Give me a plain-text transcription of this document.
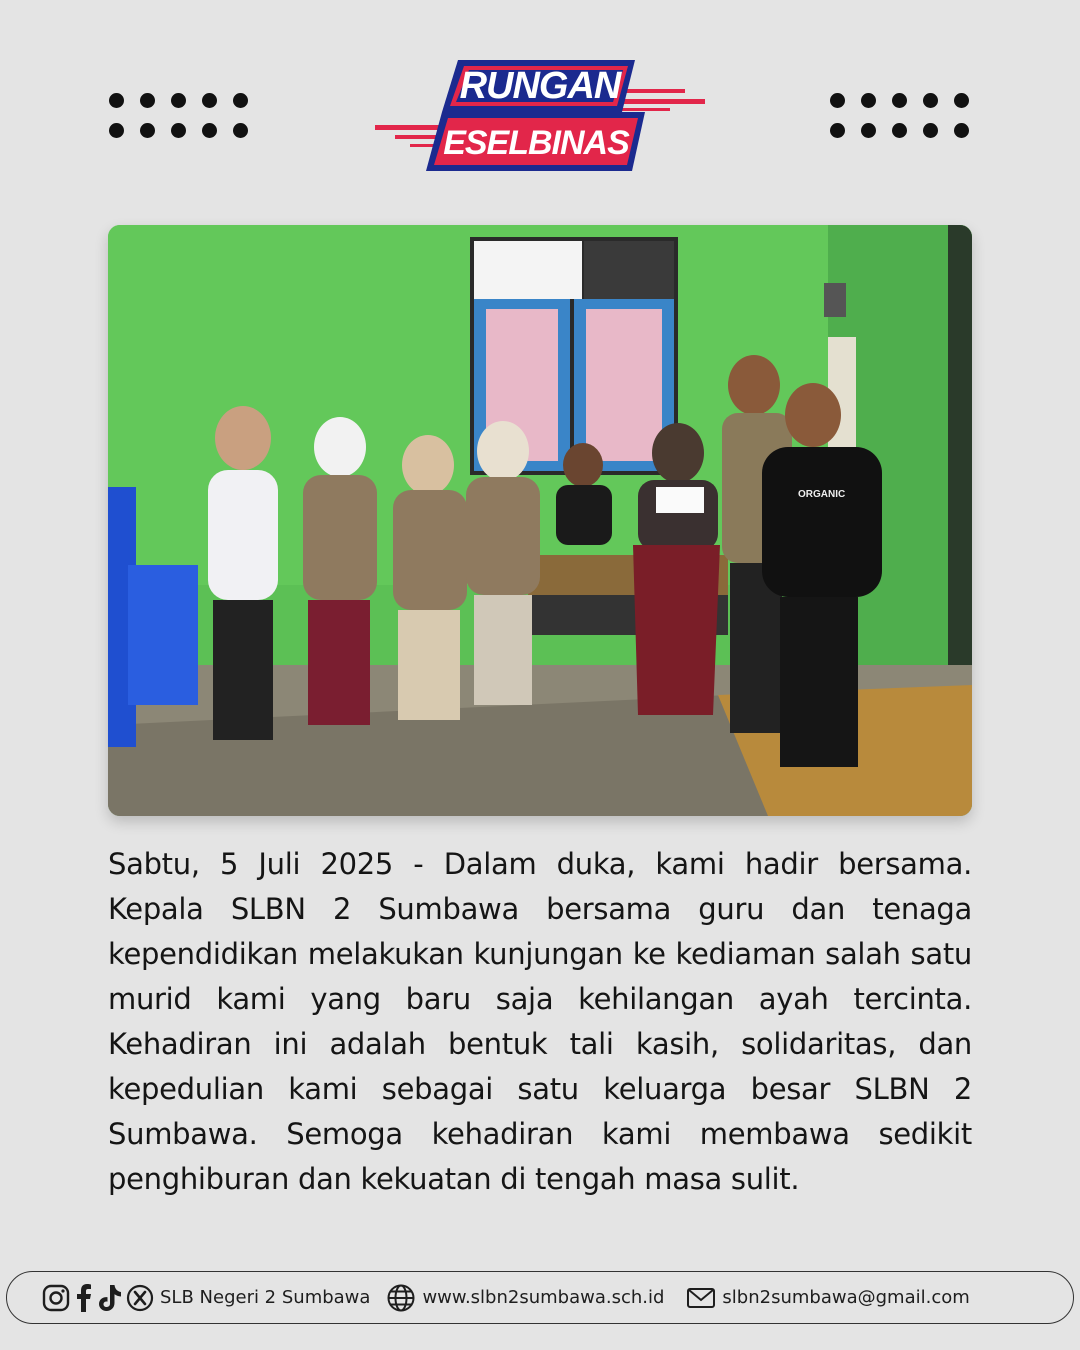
RUNGAN
ESELBINAS
ORGANIC

Sabtu, 5 Juli 2025 - Dalam duka, kami hadir bersama. Kepala SLBN 2 Sumbawa bersama guru dan tenaga kependidikan melakukan kunjungan ke kediaman salah satu murid kami yang baru saja kehilangan ayah tercinta. Kehadiran ini adalah bentuk tali kasih, solidaritas, dan kepedulian kami sebagai satu keluarga besar SLBN 2 Sumbawa. Semoga kehadiran kami membawa sedikit penghiburan dan kekuatan di tengah masa sulit.

SLB Negeri 2 Sumbawa	www.slbn2sumbawa.sch.id	slbn2sumbawa@gmail.com
